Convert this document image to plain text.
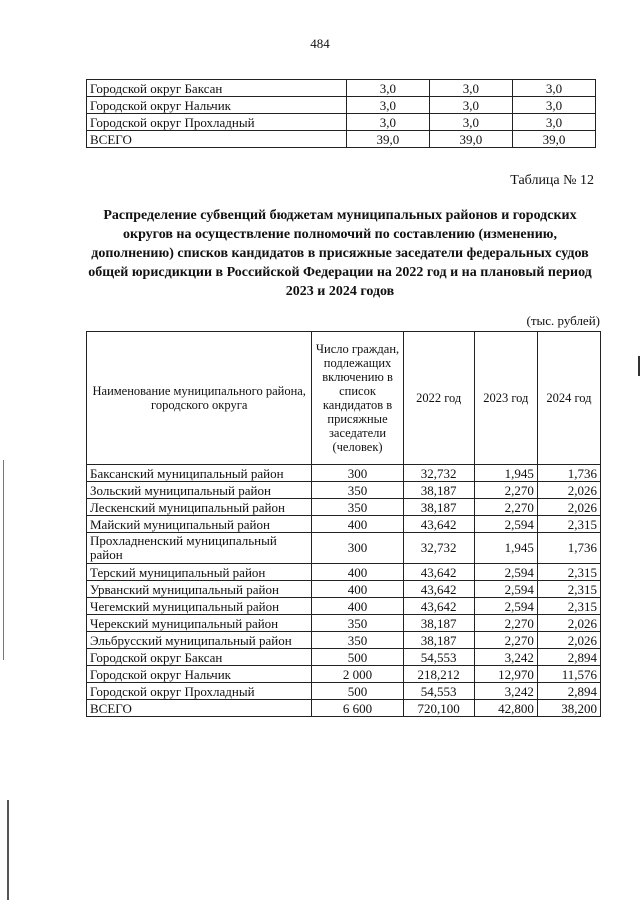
484
Городской округ Баксан	3,0	3,0	3,0
Городской округ Нальчик	3,0	3,0	3,0
Городской округ Прохладный	3,0	3,0	3,0
ВСЕГО	39,0	39,0	39,0
Таблица № 12
Распределение субвенций бюджетам муниципальных районов и городских округов на осуществление полномочий по составлению (изменению, дополнению) списков кандидатов в присяжные заседатели федеральных судов общей юрисдикции в Российской Федерации на 2022 год и на плановый период 2023 и 2024 годов
(тыс. рублей)
Наименование муниципального района, городского округа	Число граждан, подлежащих включению в список кандидатов в присяжные заседатели (человек)	2022 год	2023 год	2024 год
Баксанский муниципальный район	300	32,732	1,945	1,736
Зольский муниципальный район	350	38,187	2,270	2,026
Лескенский муниципальный район	350	38,187	2,270	2,026
Майский муниципальный район	400	43,642	2,594	2,315
Прохладненский муниципальный район	300	32,732	1,945	1,736
Терский муниципальный район	400	43,642	2,594	2,315
Урванский муниципальный район	400	43,642	2,594	2,315
Чегемский муниципальный район	400	43,642	2,594	2,315
Черекский муниципальный район	350	38,187	2,270	2,026
Эльбрусский муниципальный район	350	38,187	2,270	2,026
Городской округ Баксан	500	54,553	3,242	2,894
Городской округ Нальчик	2 000	218,212	12,970	11,576
Городской округ Прохладный	500	54,553	3,242	2,894
ВСЕГО	6 600	720,100	42,800	38,200
